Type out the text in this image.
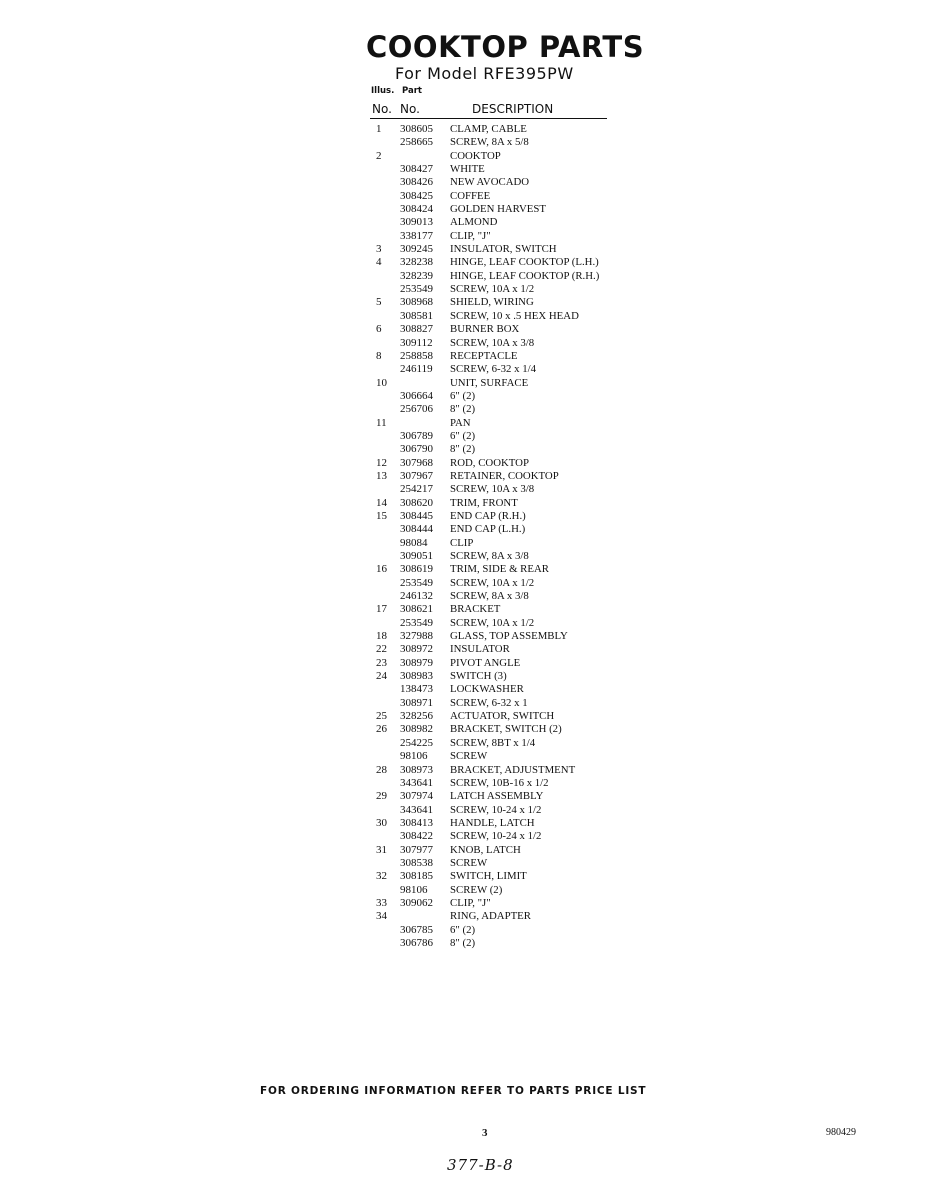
COOKTOP PARTS
For Model RFE395PW
Illus. Part
No. No.	DESCRIPTION
1 308605 CLAMP, CABLE
258665 SCREW, 8A x 5/8
2	COOKTOP
308427 WHITE
308426 NEW AVOCADO
308425 COFFEE
308424 GOLDEN HARVEST
309013 ALMOND
338177 CLIP, "J"
3 309245 INSULATOR, SWITCH
4 328238 HINGE, LEAF COOKTOP (L.H.)
328239 HINGE, LEAF COOKTOP (R.H.)
253549 SCREW, 10A x 1/2
5 308968 SHIELD, WIRING
308581 SCREW, 10 x .5 HEX HEAD
6 308827 BURNER BOX
309112 SCREW, 10A x 3/8
8 258858 RECEPTACLE
246119 SCREW, 6-32 x 1/4
10	UNIT, SURFACE
306664 6" (2)
256706 8" (2)
11	PAN
306789 6" (2)
306790 8" (2)
12 307968 ROD, COOKTOP
13 307967 RETAINER, COOKTOP
254217 SCREW, 10A x 3/8
14 308620 TRIM, FRONT
15 308445 END CAP (R.H.)
308444 END CAP (L.H.)
98084 CLIP
309051 SCREW, 8A x 3/8
16 308619 TRIM, SIDE & REAR
253549 SCREW, 10A x 1/2
246132 SCREW, 8A x 3/8
17 308621 BRACKET
253549 SCREW, 10A x 1/2
18 327988 GLASS, TOP ASSEMBLY
22 308972 INSULATOR
23 308979 PIVOT ANGLE
24 308983 SWITCH (3)
138473 LOCKWASHER
308971 SCREW, 6-32 x 1
25 328256 ACTUATOR, SWITCH
26 308982 BRACKET, SWITCH (2)
254225 SCREW, 8BT x 1/4
98106 SCREW
28 308973 BRACKET, ADJUSTMENT
343641 SCREW, 10B-16 x 1/2
29 307974 LATCH ASSEMBLY
343641 SCREW, 10-24 x 1/2
30 308413 HANDLE, LATCH
308422 SCREW, 10-24 x 1/2
31 307977 KNOB, LATCH
308538 SCREW
32 308185 SWITCH, LIMIT
98106 SCREW (2)
33 309062 CLIP, "J"
34	RING, ADAPTER
306785 6" (2)
306786 8" (2)
FOR ORDERING INFORMATION REFER TO PARTS PRICE LIST
3	980429
377-B-8
